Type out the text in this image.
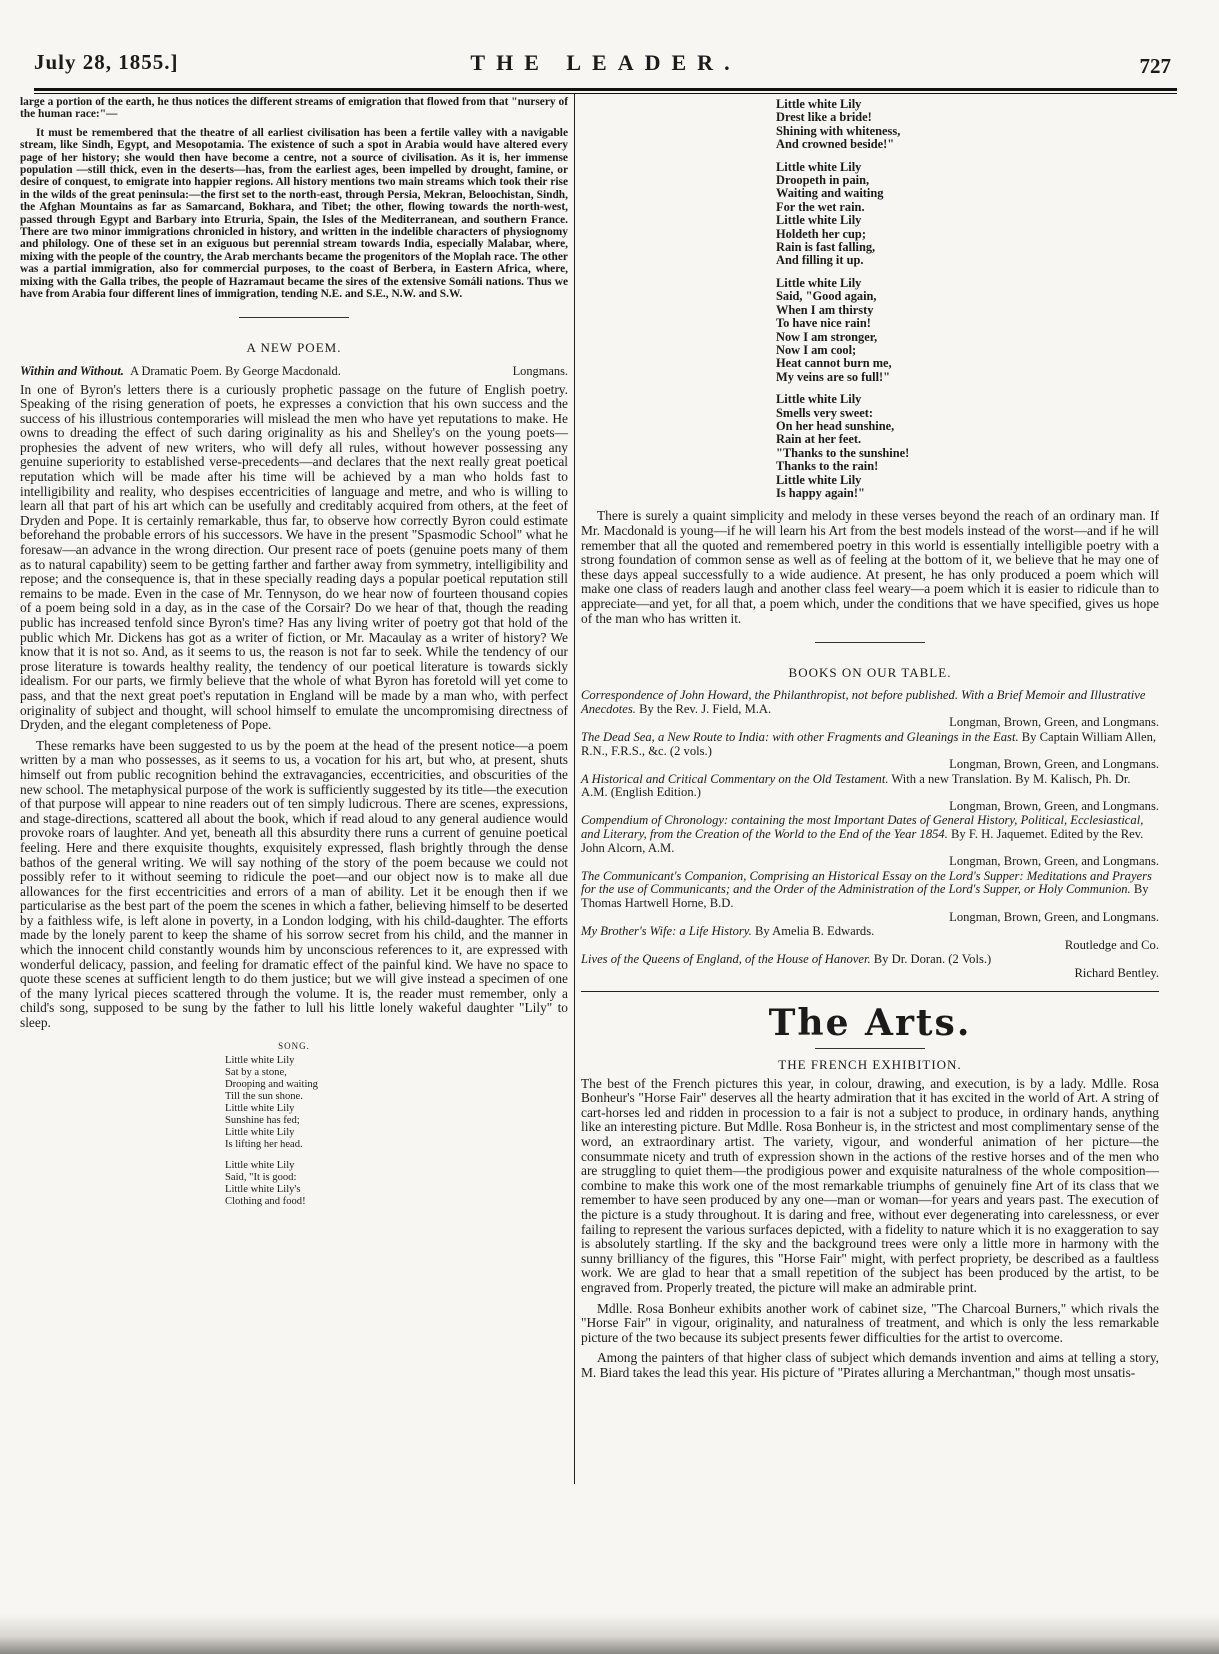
July 28, 1855.]	THE LEADER.	727

large a portion of the earth, he thus notices the different streams of emigration that flowed from that "nursery of the human race:"—

It must be remembered that the theatre of all earliest civilisation has been a fertile valley with a navigable stream, like Sindh, Egypt, and Mesopotamia. The existence of such a spot in Arabia would have altered every page of her history; she would then have become a centre, not a source of civilisation. As it is, her immense population —still thick, even in the deserts—has, from the earliest ages, been impelled by drought, famine, or desire of conquest, to emigrate into happier regions. All history mentions two main streams which took their rise in the wilds of the great peninsula:—the first set to the north-east, through Persia, Mekran, Beloochistan, Sindh, the Afghan Mountains as far as Samarcand, Bokhara, and Tibet; the other, flowing towards the north-west, passed through Egypt and Barbary into Etruria, Spain, the Isles of the Mediterranean, and southern France. There are two minor immigrations chronicled in history, and written in the indelible characters of physiognomy and philology. One of these set in an exiguous but perennial stream towards India, especially Malabar, where, mixing with the people of the country, the Arab merchants became the progenitors of the Moplah race. The other was a partial immigration, also for commercial purposes, to the coast of Berbera, in Eastern Africa, where, mixing with the Galla tribes, the people of Hazramaut became the sires of the extensive Somáli nations. Thus we have from Arabia four different lines of immigration, tending N.E. and S.E., N.W. and S.W.

A NEW POEM.
Within and Without. A Dramatic Poem. By George Macdonald.	Longmans.

In one of Byron's letters there is a curiously prophetic passage on the future of English poetry. Speaking of the rising generation of poets, he expresses a conviction that his own success and the success of his illustrious contemporaries will mislead the men who have yet reputations to make. He owns to dreading the effect of such daring originality as his and Shelley's on the young poets—prophesies the advent of new writers, who will defy all rules, without however possessing any genuine superiority to established verse-precedents—and declares that the next really great poetical reputation which will be made after his time will be achieved by a man who holds fast to intelligibility and reality, who despises eccentricities of language and metre, and who is willing to learn all that part of his art which can be usefully and creditably acquired from others, at the feet of Dryden and Pope. It is certainly remarkable, thus far, to observe how correctly Byron could estimate beforehand the probable errors of his successors. We have in the present "Spasmodic School" what he foresaw—an advance in the wrong direction. Our present race of poets (genuine poets many of them as to natural capability) seem to be getting farther and farther away from symmetry, intelligibility and repose; and the consequence is, that in these specially reading days a popular poetical reputation still remains to be made. Even in the case of Mr. Tennyson, do we hear now of fourteen thousand copies of a poem being sold in a day, as in the case of the Corsair? Do we hear of that, though the reading public has increased tenfold since Byron's time? Has any living writer of poetry got that hold of the public which Mr. Dickens has got as a writer of fiction, or Mr. Macaulay as a writer of history? We know that it is not so. And, as it seems to us, the reason is not far to seek. While the tendency of our prose literature is towards healthy reality, the tendency of our poetical literature is towards sickly idealism. For our parts, we firmly believe that the whole of what Byron has foretold will yet come to pass, and that the next great poet's reputation in England will be made by a man who, with perfect originality of subject and thought, will school himself to emulate the uncompromising directness of Dryden, and the elegant completeness of Pope.

These remarks have been suggested to us by the poem at the head of the present notice—a poem written by a man who possesses, as it seems to us, a vocation for his art, but who, at present, shuts himself out from public recognition behind the extravagancies, eccentricities, and obscurities of the new school. The metaphysical purpose of the work is sufficiently suggested by its title—the execution of that purpose will appear to nine readers out of ten simply ludicrous. There are scenes, expressions, and stage-directions, scattered all about the book, which if read aloud to any general audience would provoke roars of laughter. And yet, beneath all this absurdity there runs a current of genuine poetical feeling. Here and there exquisite thoughts, exquisitely expressed, flash brightly through the dense bathos of the general writing. We will say nothing of the story of the poem because we could not possibly refer to it without seeming to ridicule the poet—and our object now is to make all due allowances for the first eccentricities and errors of a man of ability. Let it be enough then if we particularise as the best part of the poem the scenes in which a father, believing himself to be deserted by a faithless wife, is left alone in poverty, in a London lodging, with his child-daughter. The efforts made by the lonely parent to keep the shame of his sorrow secret from his child, and the manner in which the innocent child constantly wounds him by unconscious references to it, are expressed with wonderful delicacy, passion, and feeling for dramatic effect of the painful kind. We have no space to quote these scenes at sufficient length to do them justice; but we will give instead a specimen of one of the many lyrical pieces scattered through the volume. It is, the reader must remember, only a child's song, supposed to be sung by the father to lull his little lonely wakeful daughter "Lily" to sleep.

SONG.
Little white Lily
Sat by a stone,
Drooping and waiting
Till the sun shone.
Little white Lily
Sunshine has fed;
Little white Lily
Is lifting her head.
Little white Lily
Said, "It is good:
Little white Lily's
Clothing and food!
Little white Lily
Drest like a bride!
Shining with whiteness,
And crowned beside!"
Little white Lily
Droopeth in pain,
Waiting and waiting
For the wet rain.
Little white Lily
Holdeth her cup;
Rain is fast falling,
And filling it up.
Little white Lily
Said, "Good again,
When I am thirsty
To have nice rain!
Now I am stronger,
Now I am cool;
Heat cannot burn me,
My veins are so full!"
Little white Lily
Smells very sweet:
On her head sunshine,
Rain at her feet.
"Thanks to the sunshine!
Thanks to the rain!
Little white Lily
Is happy again!"

There is surely a quaint simplicity and melody in these verses beyond the reach of an ordinary man. If Mr. Macdonald is young—if he will learn his Art from the best models instead of the worst—and if he will remember that all the quoted and remembered poetry in this world is essentially intelligible poetry with a strong foundation of common sense as well as of feeling at the bottom of it, we believe that he may one of these days appeal successfully to a wide audience. At present, he has only produced a poem which will make one class of readers laugh and another class feel weary—a poem which it is easier to ridicule than to appreciate—and yet, for all that, a poem which, under the conditions that we have specified, gives us hope of the man who has written it.

BOOKS ON OUR TABLE.
Correspondence of John Howard, the Philanthropist, not before published. With a Brief Memoir and Illustrative Anecdotes. By the Rev. J. Field, M.A.
Longman, Brown, Green, and Longmans.
The Dead Sea, a New Route to India: with other Fragments and Gleanings in the East. By Captain William Allen, R.N., F.R.S., &c. (2 vols.)
Longman, Brown, Green, and Longmans.
A Historical and Critical Commentary on the Old Testament. With a new Translation. By M. Kalisch, Ph. Dr. A.M. (English Edition.)
Longman, Brown, Green, and Longmans.
Compendium of Chronology: containing the most Important Dates of General History, Political, Ecclesiastical, and Literary, from the Creation of the World to the End of the Year 1854. By F. H. Jaquemet. Edited by the Rev. John Alcorn, A.M.
Longman, Brown, Green, and Longmans.
The Communicant's Companion, Comprising an Historical Essay on the Lord's Supper: Meditations and Prayers for the use of Communicants; and the Order of the Administration of the Lord's Supper, or Holy Communion. By Thomas Hartwell Horne, B.D.
Longman, Brown, Green, and Longmans.
My Brother's Wife: a Life History. By Amelia B. Edwards.
Routledge and Co.
Lives of the Queens of England, of the House of Hanover. By Dr. Doran. (2 Vols.)
Richard Bentley.
The Arts.
THE FRENCH EXHIBITION.

The best of the French pictures this year, in colour, drawing, and execution, is by a lady. Mdlle. Rosa Bonheur's "Horse Fair" deserves all the hearty admiration that it has excited in the world of Art. A string of cart-horses led and ridden in procession to a fair is not a subject to produce, in ordinary hands, anything like an interesting picture. But Mdlle. Rosa Bonheur is, in the strictest and most complimentary sense of the word, an extraordinary artist. The variety, vigour, and wonderful animation of her picture—the consummate nicety and truth of expression shown in the actions of the restive horses and of the men who are struggling to quiet them—the prodigious power and exquisite naturalness of the whole composition—combine to make this work one of the most remarkable triumphs of genuinely fine Art of its class that we remember to have seen produced by any one—man or woman—for years and years past. The execution of the picture is a study throughout. It is daring and free, without ever degenerating into carelessness, or ever failing to represent the various surfaces depicted, with a fidelity to nature which it is no exaggeration to say is absolutely startling. If the sky and the background trees were only a little more in harmony with the sunny brilliancy of the figures, this "Horse Fair" might, with perfect propriety, be described as a faultless work. We are glad to hear that a small repetition of the subject has been produced by the artist, to be engraved from. Properly treated, the picture will make an admirable print.

Mdlle. Rosa Bonheur exhibits another work of cabinet size, "The Charcoal Burners," which rivals the "Horse Fair" in vigour, originality, and naturalness of treatment, and which is only the less remarkable picture of the two because its subject presents fewer difficulties for the artist to overcome.

Among the painters of that higher class of subject which demands invention and aims at telling a story, M. Biard takes the lead this year. His picture of "Pirates alluring a Merchantman," though most unsatis-
